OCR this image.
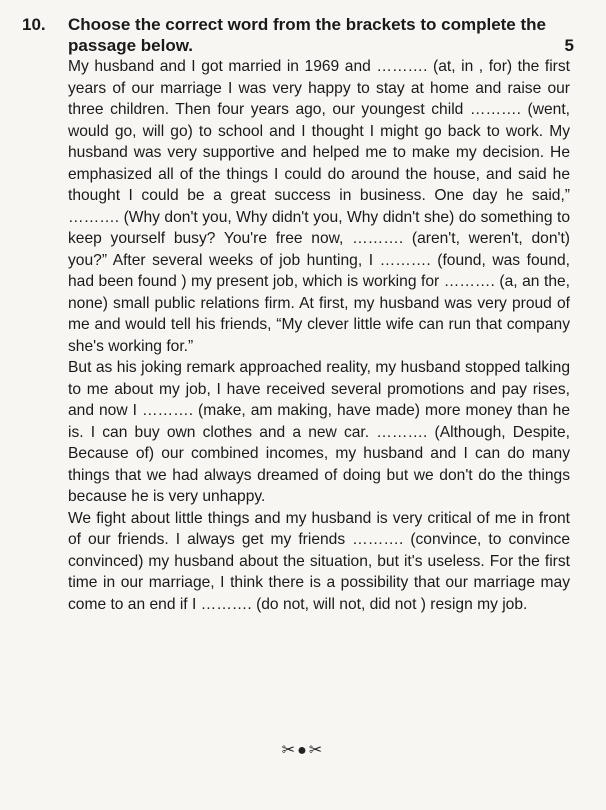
10.	Choose the correct word from the brackets to complete the passage below.	5

My husband and I got married in 1969 and ………. (at, in , for) the first years of our marriage I was very happy to stay at home and raise our three children. Then four years ago, our youngest child ………. (went, would go, will go) to school and I thought I might go back to work. My husband was very supportive and helped me to make my decision. He emphasized all of the things I could do around the house, and said he thought I could be a great success in business. One day he said,” ………. (Why don't you, Why didn't you, Why didn't she) do something to keep yourself busy? You're free now, ………. (aren't, weren't, don't) you?” After several weeks of job hunting, I ………. (found, was found, had been found ) my present job, which is working for ………. (a, an the, none) small public relations firm. At first, my husband was very proud of me and would tell his friends, “My clever little wife can run that company she's working for.”

But as his joking remark approached reality, my husband stopped talking to me about my job, I have received several promotions and pay rises, and now I ………. (make, am making, have made) more money than he is. I can buy own clothes and a new car. ………. (Although, Despite, Because of) our combined incomes, my husband and I can do many things that we had always dreamed of doing but we don't do the things because he is very unhappy.

We fight about little things and my husband is very critical of me in front of our friends. I always get my friends ………. (convince, to convince convinced) my husband about the situation, but it's useless. For the first time in our marriage, I think there is a possibility that our marriage may come to an end if I ………. (do not, will not, did not ) resign my job.

✂●✂
